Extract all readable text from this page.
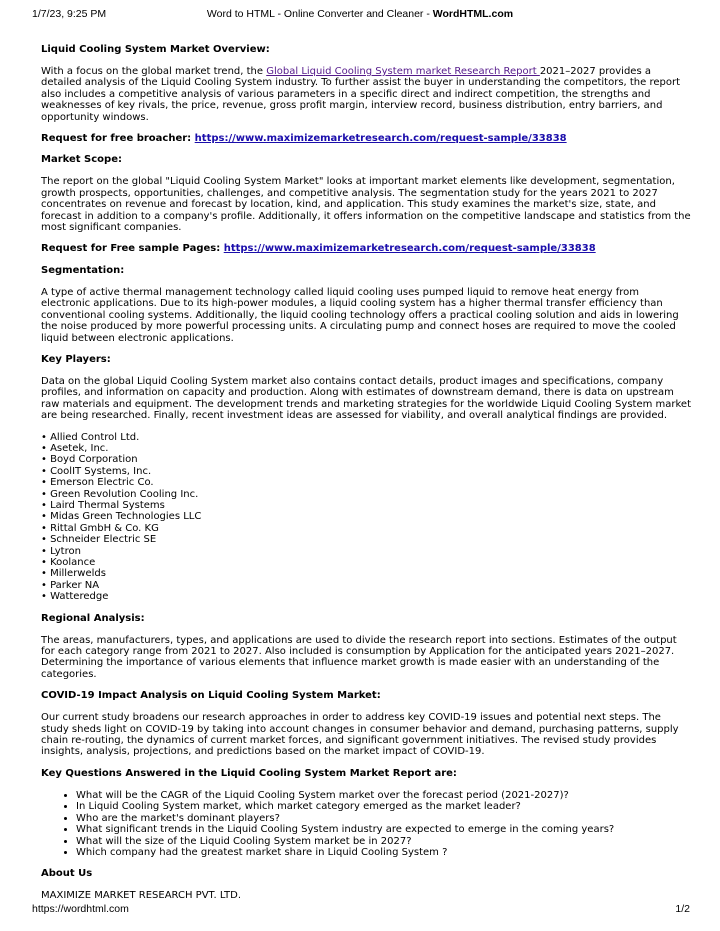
1/7/23, 9:25 PM	Word to HTML - Online Converter and Cleaner - WordHTML.com
Liquid Cooling System Market Overview:

With a focus on the global market trend, the Global Liquid Cooling System market Research Report 2021–2027 provides a detailed analysis of the Liquid Cooling System industry. To further assist the buyer in understanding the competitors, the report also includes a competitive analysis of various parameters in a specific direct and indirect competition, the strengths and weaknesses of key rivals, the price, revenue, gross profit margin, interview record, business distribution, entry barriers, and opportunity windows.

Request for free broacher: https://www.maximizemarketresearch.com/request-sample/33838

Market Scope:

The report on the global "Liquid Cooling System Market" looks at important market elements like development, segmentation, growth prospects, opportunities, challenges, and competitive analysis. The segmentation study for the years 2021 to 2027 concentrates on revenue and forecast by location, kind, and application. This study examines the market's size, state, and forecast in addition to a company's profile. Additionally, it offers information on the competitive landscape and statistics from the most significant companies.

Request for Free sample Pages: https://www.maximizemarketresearch.com/request-sample/33838

Segmentation:

A type of active thermal management technology called liquid cooling uses pumped liquid to remove heat energy from electronic applications. Due to its high-power modules, a liquid cooling system has a higher thermal transfer efficiency than conventional cooling systems. Additionally, the liquid cooling technology offers a practical cooling solution and aids in lowering the noise produced by more powerful processing units. A circulating pump and connect hoses are required to move the cooled liquid between electronic applications.

Key Players:

Data on the global Liquid Cooling System market also contains contact details, product images and specifications, company profiles, and information on capacity and production. Along with estimates of downstream demand, there is data on upstream raw materials and equipment. The development trends and marketing strategies for the worldwide Liquid Cooling System market are being researched. Finally, recent investment ideas are assessed for viability, and overall analytical findings are provided.

• Allied Control Ltd.
• Asetek, Inc.
• Boyd Corporation
• CoolIT Systems, Inc.
• Emerson Electric Co.
• Green Revolution Cooling Inc.
• Laird Thermal Systems
• Midas Green Technologies LLC
• Rittal GmbH & Co. KG
• Schneider Electric SE
• Lytron
• Koolance
• Millerwelds
• Parker NA
• Watteredge
Regional Analysis:

The areas, manufacturers, types, and applications are used to divide the research report into sections. Estimates of the output for each category range from 2021 to 2027. Also included is consumption by Application for the anticipated years 2021–2027. Determining the importance of various elements that influence market growth is made easier with an understanding of the categories.

COVID-19 Impact Analysis on Liquid Cooling System Market:

Our current study broadens our research approaches in order to address key COVID-19 issues and potential next steps. The study sheds light on COVID-19 by taking into account changes in consumer behavior and demand, purchasing patterns, supply chain re-routing, the dynamics of current market forces, and significant government initiatives. The revised study provides insights, analysis, projections, and predictions based on the market impact of COVID-19.

Key Questions Answered in the Liquid Cooling System Market Report are:
• What will be the CAGR of the Liquid Cooling System market over the forecast period (2021-2027)?
• In Liquid Cooling System market, which market category emerged as the market leader?
• Who are the market's dominant players?
• What significant trends in the Liquid Cooling System industry are expected to emerge in the coming years?
• What will the size of the Liquid Cooling System market be in 2027?
• Which company had the greatest market share in Liquid Cooling System ?
About Us

MAXIMIZE MARKET RESEARCH PVT. LTD.

https://wordhtml.com	1/2
